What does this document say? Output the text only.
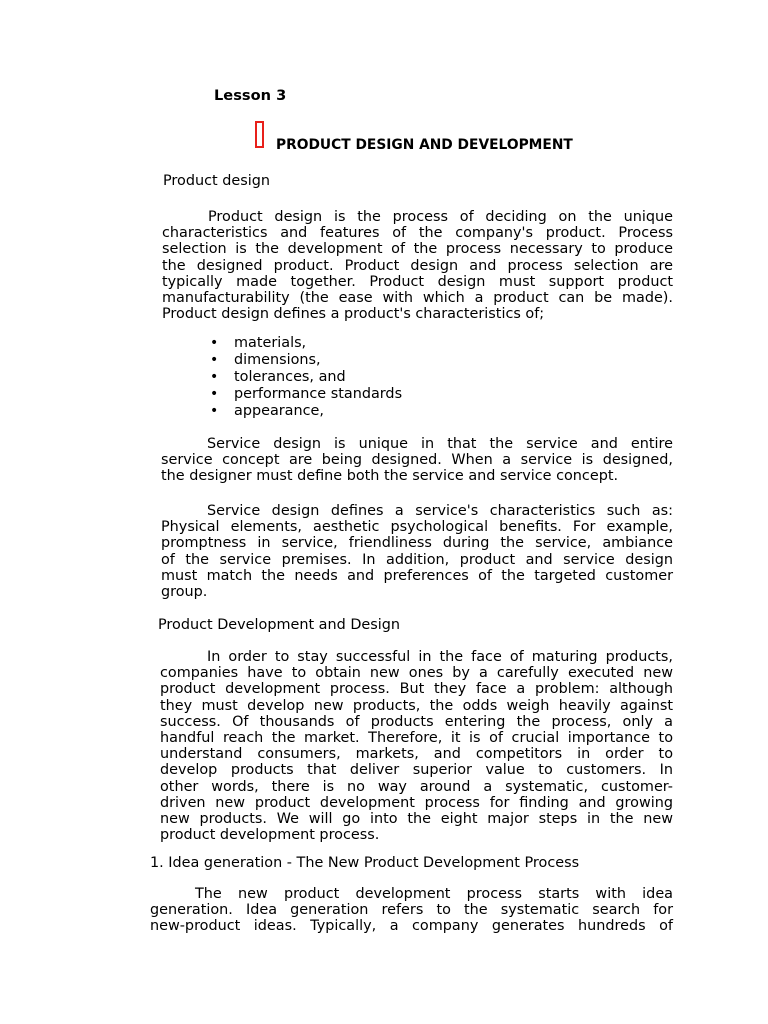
Lesson 3
PRODUCT DESIGN AND DEVELOPMENT
Product design
Product design is the process of deciding on the unique
characteristics and features of the company's product. Process
selection is the development of the process necessary to produce
the designed product. Product design and process selection are
typically made together. Product design must support product
manufacturability (the ease with which a product can be made).
Product design defines a product's characteristics of;
• materials,
• dimensions,
• tolerances, and
• performance standards
• appearance,
Service design is unique in that the service and entire
service concept are being designed. When a service is designed,
the designer must define both the service and service concept.
Service design defines a service's characteristics such as:
Physical elements, aesthetic psychological benefits. For example,
promptness in service, friendliness during the service, ambiance
of the service premises. In addition, product and service design
must match the needs and preferences of the targeted customer
group.
Product Development and Design
In order to stay successful in the face of maturing products,
companies have to obtain new ones by a carefully executed new
product development process. But they face a problem: although
they must develop new products, the odds weigh heavily against
success. Of thousands of products entering the process, only a
handful reach the market. Therefore, it is of crucial importance to
understand consumers, markets, and competitors in order to
develop products that deliver superior value to customers. In
other words, there is no way around a systematic, customer-
driven new product development process for finding and growing
new products. We will go into the eight major steps in the new
product development process.
1. Idea generation - The New Product Development Process
The new product development process starts with idea
generation. Idea generation refers to the systematic search for
new-product ideas. Typically, a company generates hundreds of
